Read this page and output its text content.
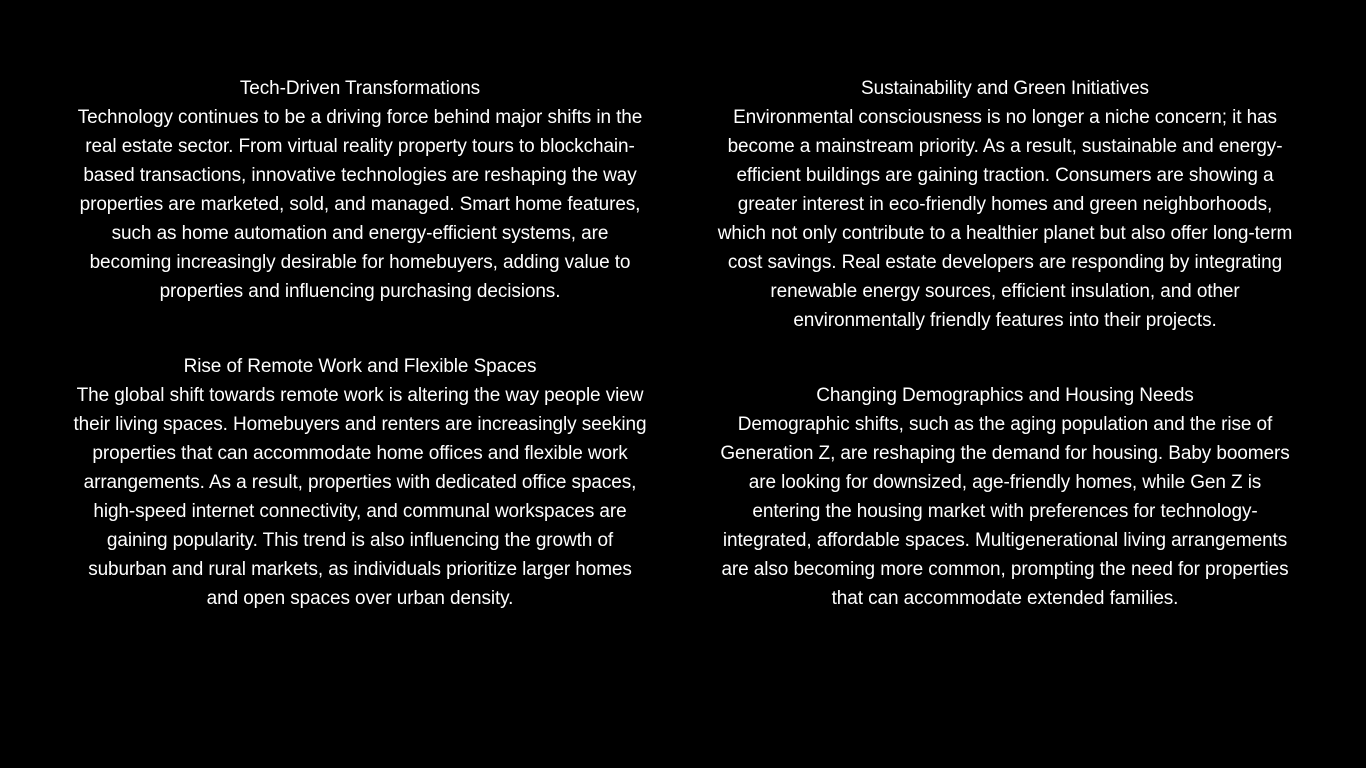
Tech-Driven Transformations

Technology continues to be a driving force behind major shifts in the real estate sector. From virtual reality property tours to blockchain-based transactions, innovative technologies are reshaping the way properties are marketed, sold, and managed. Smart home features, such as home automation and energy-efficient systems, are becoming increasingly desirable for homebuyers, adding value to properties and influencing purchasing decisions.

Rise of Remote Work and Flexible Spaces

The global shift towards remote work is altering the way people view their living spaces. Homebuyers and renters are increasingly seeking properties that can accommodate home offices and flexible work arrangements. As a result, properties with dedicated office spaces, high-speed internet connectivity, and communal workspaces are gaining popularity. This trend is also influencing the growth of suburban and rural markets, as individuals prioritize larger homes and open spaces over urban density.

Sustainability and Green Initiatives

Environmental consciousness is no longer a niche concern; it has become a mainstream priority. As a result, sustainable and energy-efficient buildings are gaining traction. Consumers are showing a greater interest in eco-friendly homes and green neighborhoods, which not only contribute to a healthier planet but also offer long-term cost savings. Real estate developers are responding by integrating renewable energy sources, efficient insulation, and other environmentally friendly features into their projects.

Changing Demographics and Housing Needs

Demographic shifts, such as the aging population and the rise of Generation Z, are reshaping the demand for housing. Baby boomers are looking for downsized, age-friendly homes, while Gen Z is entering the housing market with preferences for technology-integrated, affordable spaces. Multigenerational living arrangements are also becoming more common, prompting the need for properties that can accommodate extended families.
